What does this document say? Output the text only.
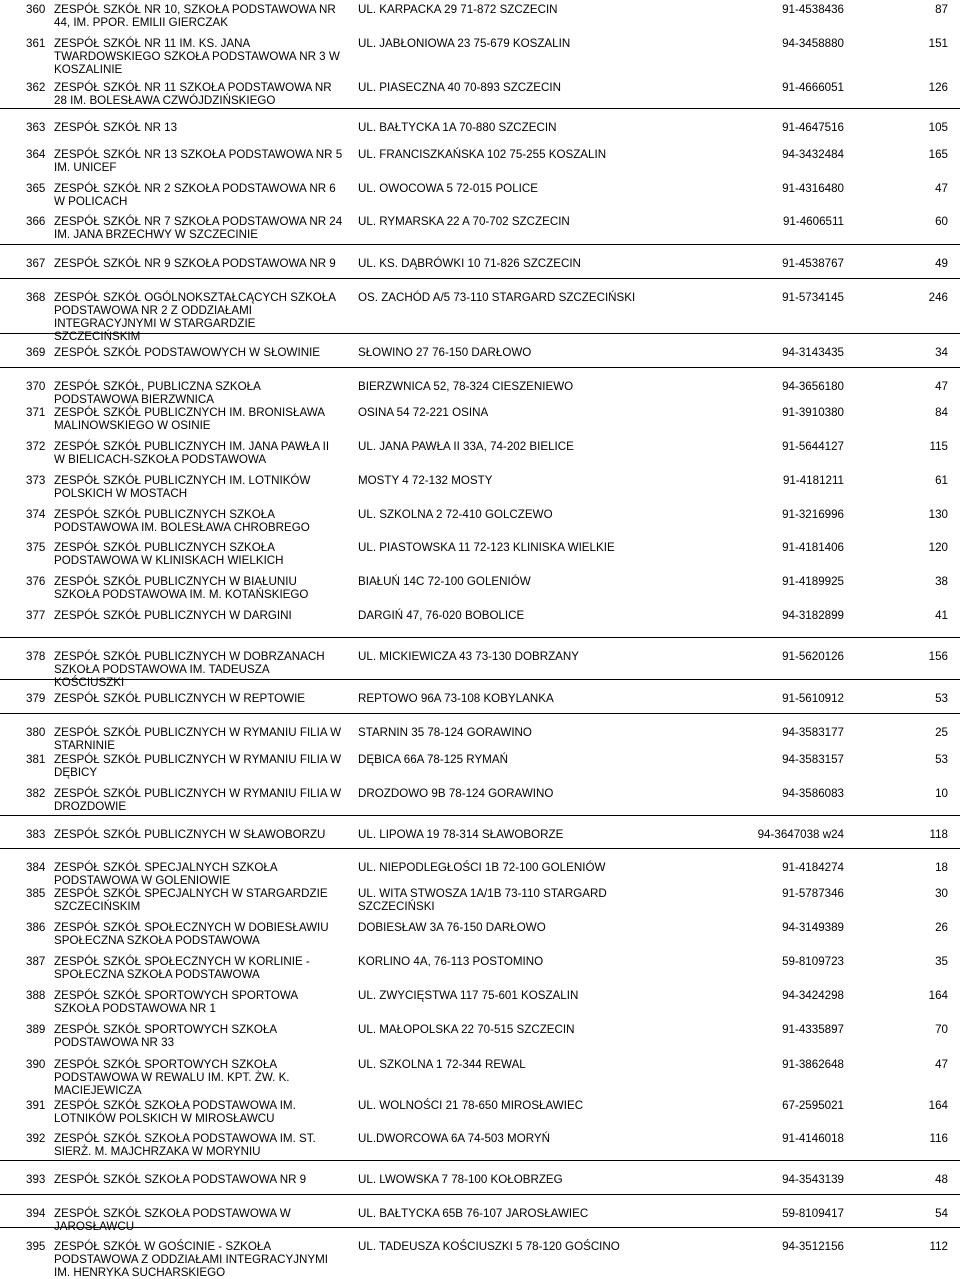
360 ZESPÓŁ SZKÓŁ NR 10, SZKOŁA PODSTAWOWA NR
44, IM. PPOR. EMILII GIERCZAK
UL. KARPACKA 29 71-872 SZCZECIN	91-4538436	87
361 ZESPÓŁ SZKÓŁ NR 11 IM. KS. JANA
TWARDOWSKIEGO SZKOŁA PODSTAWOWA NR 3 W
KOSZALINIE
UL. JABŁONIOWA 23 75-679 KOSZALIN	94-3458880	151
362 ZESPÓŁ SZKÓŁ NR 11 SZKOŁA PODSTAWOWA NR
28 IM. BOLESŁAWA CZWÓJDZIŃSKIEGO
UL. PIASECZNA 40 70-893 SZCZECIN	91-4666051	126
363 ZESPÓŁ SZKÓŁ NR 13	UL. BAŁTYCKA 1A 70-880 SZCZECIN	91-4647516	105
364 ZESPÓŁ SZKÓŁ NR 13 SZKOŁA PODSTAWOWA NR 5
IM. UNICEF
UL. FRANCISZKAŃSKA 102 75-255 KOSZALIN	94-3432484	165
365 ZESPÓŁ SZKÓŁ NR 2 SZKOŁA PODSTAWOWA NR 6
W POLICACH
UL. OWOCOWA 5 72-015 POLICE	91-4316480	47
366 ZESPÓŁ SZKÓŁ NR 7 SZKOŁA PODSTAWOWA NR 24
IM. JANA BRZECHWY W SZCZECINIE
UL. RYMARSKA 22 A 70-702 SZCZECIN	91-4606511	60
367 ZESPÓŁ SZKÓŁ NR 9 SZKOŁA PODSTAWOWA NR 9	UL. KS. DĄBRÓWKI 10 71-826 SZCZECIN	91-4538767	49
368 ZESPÓŁ SZKÓŁ OGÓLNOKSZTAŁCĄCYCH SZKOŁA
PODSTAWOWA NR 2 Z ODDZIAŁAMI
INTEGRACYJNYMI W STARGARDZIE
SZCZECIŃSKIM
OS. ZACHÓD A/5 73-110 STARGARD SZCZECIŃSKI	91-5734145	246
369 ZESPÓŁ SZKÓŁ PODSTAWOWYCH W SŁOWINIE	SŁOWINO 27 76-150 DARŁOWO	94-3143435	34
370 ZESPÓŁ SZKÓŁ, PUBLICZNA SZKOŁA
PODSTAWOWA BIERZWNICA
BIERZWNICA 52, 78-324 CIESZENIEWO	94-3656180	47
371 ZESPÓŁ SZKÓŁ PUBLICZNYCH IM. BRONISŁAWA
MALINOWSKIEGO W OSINIE
OSINA 54 72-221 OSINA	91-3910380	84
372 ZESPÓŁ SZKÓŁ PUBLICZNYCH IM. JANA PAWŁA II
W BIELICACH-SZKOŁA PODSTAWOWA
UL. JANA PAWŁA II 33A, 74-202 BIELICE	91-5644127	115
373 ZESPÓŁ SZKÓŁ PUBLICZNYCH IM. LOTNIKÓW
POLSKICH W MOSTACH
MOSTY 4 72-132 MOSTY	91-4181211	61
374 ZESPÓŁ SZKÓŁ PUBLICZNYCH SZKOŁA
PODSTAWOWA IM. BOLESŁAWA CHROBREGO
UL. SZKOLNA 2 72-410 GOLCZEWO	91-3216996	130
375 ZESPÓŁ SZKÓŁ PUBLICZNYCH SZKOŁA
PODSTAWOWA W KLINISKACH WIELKICH
UL. PIASTOWSKA 11 72-123 KLINISKA WIELKIE	91-4181406	120
376 ZESPÓŁ SZKÓŁ PUBLICZNYCH W BIAŁUNIU
SZKOŁA PODSTAWOWA IM. M. KOTAŃSKIEGO
BIAŁUŃ 14C 72-100 GOLENIÓW	91-4189925	38
377 ZESPÓŁ SZKÓŁ PUBLICZNYCH W DARGINI	DARGIŃ 47, 76-020 BOBOLICE	94-3182899	41
378 ZESPÓŁ SZKÓŁ PUBLICZNYCH W DOBRZANACH
SZKOŁA PODSTAWOWA IM. TADEUSZA
KOŚCIUSZKI
UL. MICKIEWICZA 43 73-130 DOBRZANY	91-5620126	156
379 ZESPÓŁ SZKÓŁ PUBLICZNYCH W REPTOWIE	REPTOWO 96A 73-108 KOBYLANKA	91-5610912	53
380 ZESPÓŁ SZKÓŁ PUBLICZNYCH W RYMANIU FILIA W
STARNINIE
STARNIN 35 78-124 GORAWINO	94-3583177	25
381 ZESPÓŁ SZKÓŁ PUBLICZNYCH W RYMANIU FILIA W
DĘBICY
DĘBICA 66A 78-125 RYMAŃ	94-3583157	53
382 ZESPÓŁ SZKÓŁ PUBLICZNYCH W RYMANIU FILIA W
DROZDOWIE
DROZDOWO 9B 78-124 GORAWINO	94-3586083	10
383 ZESPÓŁ SZKÓŁ PUBLICZNYCH W SŁAWOBORZU	UL. LIPOWA 19 78-314 SŁAWOBORZE	94-3647038 w24	118
384 ZESPÓŁ SZKÓŁ SPECJALNYCH SZKOŁA
PODSTAWOWA W GOLENIOWIE
UL. NIEPODLEGŁOŚCI 1B 72-100 GOLENIÓW	91-4184274	18
385 ZESPÓŁ SZKÓŁ SPECJALNYCH W STARGARDZIE
SZCZECIŃSKIM
UL. WITA STWOSZA 1A/1B 73-110 STARGARD
SZCZECIŃSKI
91-5787346	30
386 ZESPÓŁ SZKÓŁ SPOŁECZNYCH W DOBIESŁAWIU
SPOŁECZNA SZKOŁA PODSTAWOWA
DOBIESŁAW 3A 76-150 DARŁOWO	94-3149389	26
387 ZESPÓŁ SZKÓŁ SPOŁECZNYCH W KORLINIE -
SPOŁECZNA SZKOŁA PODSTAWOWA
KORLINO 4A, 76-113 POSTOMINO	59-8109723	35
388 ZESPÓŁ SZKÓŁ SPORTOWYCH SPORTOWA
SZKOŁA PODSTAWOWA NR 1
UL. ZWYCIĘSTWA 117 75-601 KOSZALIN	94-3424298	164
389 ZESPÓŁ SZKÓŁ SPORTOWYCH SZKOŁA
PODSTAWOWA NR 33
UL. MAŁOPOLSKA 22 70-515 SZCZECIN	91-4335897	70
390 ZESPÓŁ SZKÓŁ SPORTOWYCH SZKOŁA
PODSTAWOWA W REWALU IM. KPT. ŻW. K.
MACIEJEWICZA
UL. SZKOLNA 1 72-344 REWAL	91-3862648	47
391 ZESPÓŁ SZKÓŁ SZKOŁA PODSTAWOWA IM.
LOTNIKÓW POLSKICH W MIROSŁAWCU
UL. WOLNOŚCI 21 78-650 MIROSŁAWIEC	67-2595021	164
392 ZESPÓŁ SZKÓŁ SZKOŁA PODSTAWOWA IM. ST.
SIERŻ. M. MAJCHRZAKA W MORYNIU
UL.DWORCOWA 6A 74-503 MORYŃ	91-4146018	116
393 ZESPÓŁ SZKÓŁ SZKOŁA PODSTAWOWA NR 9	UL. LWOWSKA 7 78-100 KOŁOBRZEG	94-3543139	48
394 ZESPÓŁ SZKÓŁ SZKOŁA PODSTAWOWA W
JAROSŁAWCU
UL. BAŁTYCKA 65B 76-107 JAROSŁAWIEC	59-8109417	54
395 ZESPÓŁ SZKÓŁ W GOŚCINIE - SZKOŁA
PODSTAWOWA Z ODDZIAŁAMI INTEGRACYJNYMI
IM. HENRYKA SUCHARSKIEGO
UL. TADEUSZA KOŚCIUSZKI 5 78-120 GOŚCINO	94-3512156	112
